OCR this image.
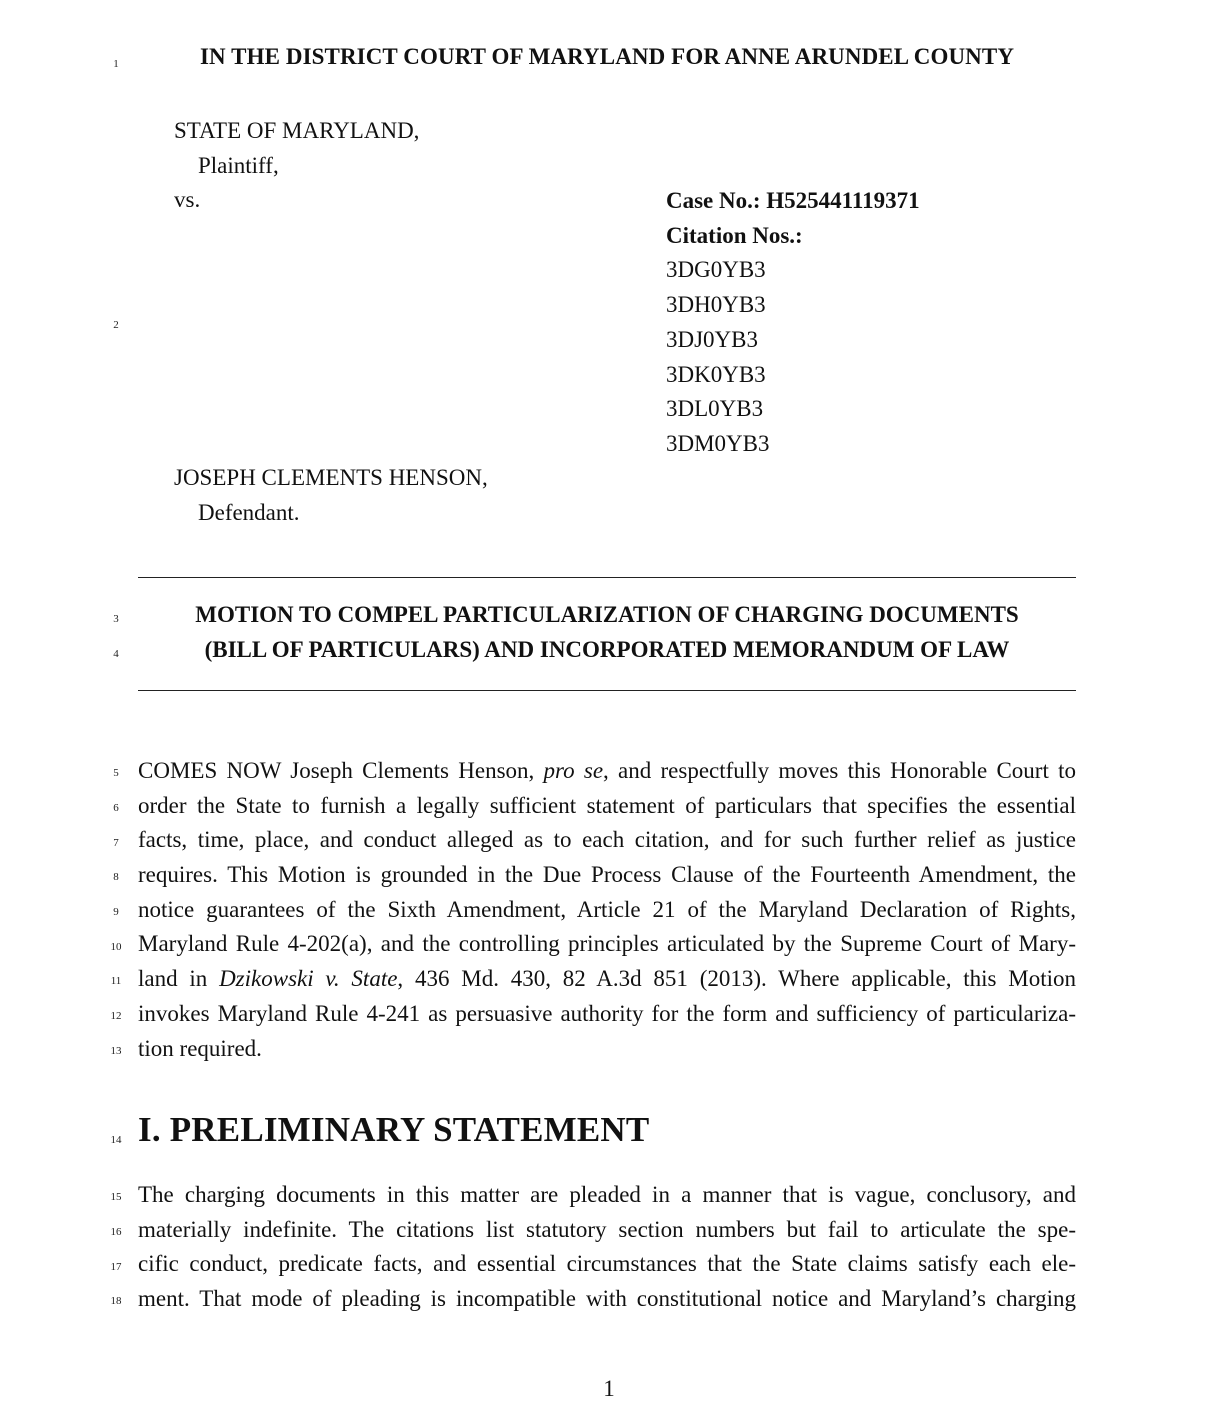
1
2
3
4
5
6
7
8
9
10
11
12
13
14
15
16
17
18
IN THE DISTRICT COURT OF MARYLAND FOR ANNE ARUNDEL COUNTY
STATE OF MARYLAND,
Plaintiff,
vs.	Case No.: H525441119371
Citation Nos.:
3DG0YB3
3DH0YB3
3DJ0YB3
3DK0YB3
3DL0YB3
3DM0YB3
JOSEPH CLEMENTS HENSON,
Defendant.
MOTION TO COMPEL PARTICULARIZATION OF CHARGING DOCUMENTS
(BILL OF PARTICULARS) AND INCORPORATED MEMORANDUM OF LAW
COMES NOW Joseph Clements Henson, pro se, and respectfully moves this Honorable Court to
order the State to furnish a legally sufficient statement of particulars that specifies the essential
facts, time, place, and conduct alleged as to each citation, and for such further relief as justice
requires. This Motion is grounded in the Due Process Clause of the Fourteenth Amendment, the
notice guarantees of the Sixth Amendment, Article 21 of the Maryland Declaration of Rights,
Maryland Rule 4-202(a), and the controlling principles articulated by the Supreme Court of Mary-
land in Dzikowski v. State, 436 Md. 430, 82 A.3d 851 (2013). Where applicable, this Motion
invokes Maryland Rule 4-241 as persuasive authority for the form and sufficiency of particulariza-
tion required.
I. PRELIMINARY STATEMENT
The charging documents in this matter are pleaded in a manner that is vague, conclusory, and
materially indefinite. The citations list statutory section numbers but fail to articulate the spe-
cific conduct, predicate facts, and essential circumstances that the State claims satisfy each ele-
ment. That mode of pleading is incompatible with constitutional notice and Maryland’s charging
1
